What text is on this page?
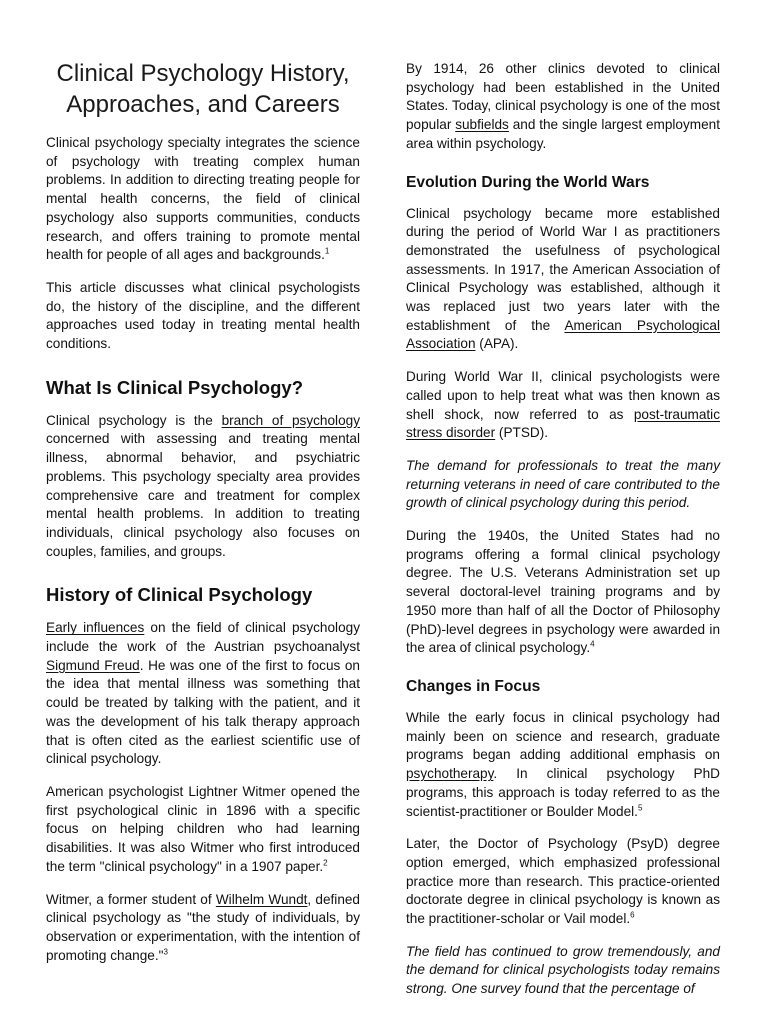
Clinical Psychology History, Approaches, and Careers

Clinical psychology specialty integrates the science of psychology with treating complex human problems. In addition to directing treating people for mental health concerns, the field of clinical psychology also supports communities, conducts research, and offers training to promote mental health for people of all ages and backgrounds.$^1$

This article discusses what clinical psychologists do, the history of the discipline, and the different approaches used today in treating mental health conditions.

What Is Clinical Psychology?

Clinical psychology is the branch of psychology concerned with assessing and treating mental illness, abnormal behavior, and psychiatric problems. This psychology specialty area provides comprehensive care and treatment for complex mental health problems. In addition to treating individuals, clinical psychology also focuses on couples, families, and groups.

History of Clinical Psychology

Early influences on the field of clinical psychology include the work of the Austrian psychoanalyst Sigmund Freud. He was one of the first to focus on the idea that mental illness was something that could be treated by talking with the patient, and it was the development of his talk therapy approach that is often cited as the earliest scientific use of clinical psychology.

American psychologist Lightner Witmer opened the first psychological clinic in 1896 with a specific focus on helping children who had learning disabilities. It was also Witmer who first introduced the term "clinical psychology" in a 1907 paper.$^2$

Witmer, a former student of Wilhelm Wundt, defined clinical psychology as "the study of individuals, by observation or experimentation, with the intention of promoting change."$^3$

By 1914, 26 other clinics devoted to clinical psychology had been established in the United States. Today, clinical psychology is one of the most popular subfields and the single largest employment area within psychology.

Evolution During the World Wars

Clinical psychology became more established during the period of World War I as practitioners demonstrated the usefulness of psychological assessments. In 1917, the American Association of Clinical Psychology was established, although it was replaced just two years later with the establishment of the American Psychological Association (APA).

During World War II, clinical psychologists were called upon to help treat what was then known as shell shock, now referred to as post-traumatic stress disorder (PTSD).

The demand for professionals to treat the many returning veterans in need of care contributed to the growth of clinical psychology during this period.

During the 1940s, the United States had no programs offering a formal clinical psychology degree. The U.S. Veterans Administration set up several doctoral-level training programs and by 1950 more than half of all the Doctor of Philosophy (PhD)-level degrees in psychology were awarded in the area of clinical psychology.$^4$

Changes in Focus

While the early focus in clinical psychology had mainly been on science and research, graduate programs began adding additional emphasis on psychotherapy. In clinical psychology PhD programs, this approach is today referred to as the scientist-practitioner or Boulder Model.$^5$

Later, the Doctor of Psychology (PsyD) degree option emerged, which emphasized professional practice more than research. This practice-oriented doctorate degree in clinical psychology is known as the practitioner-scholar or Vail model.$^6$

The field has continued to grow tremendously, and the demand for clinical psychologists today remains strong. One survey found that the percentage of
